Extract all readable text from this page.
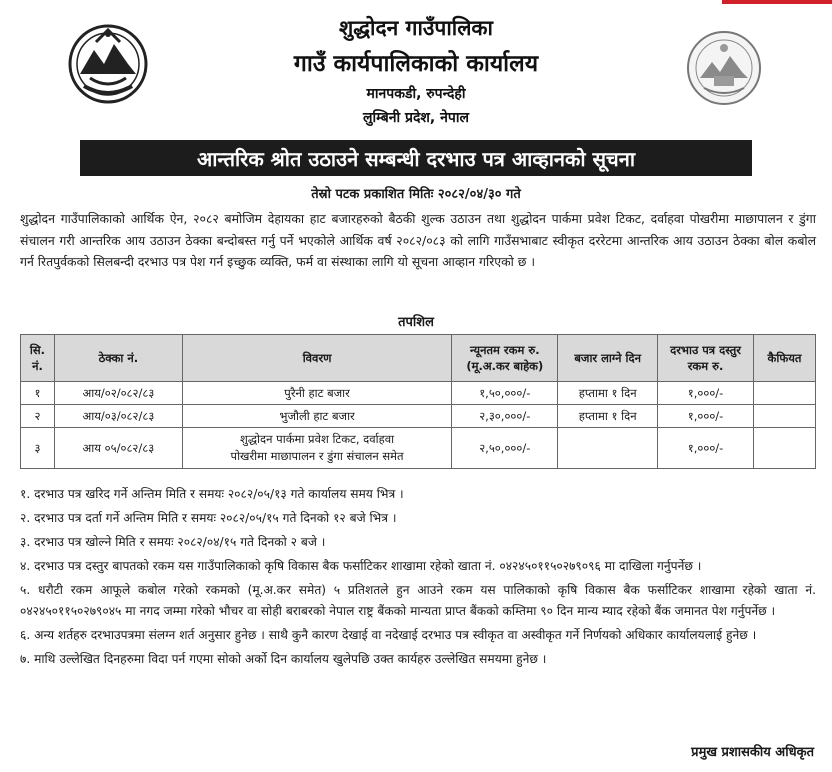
शुद्धोदन गाउँपालिका
गाउँ कार्यपालिकाको कार्यालय
मानपकडी, रुपन्देही
लुम्बिनी प्रदेश, नेपाल
आन्तरिक श्रोत उठाउने सम्बन्धी दरभाउ पत्र आव्हानको सूचना
तेस्रो पटक प्रकाशित मितिः २०८२/०४/३० गते
शुद्धोदन गाउँपालिकाको आर्थिक ऐन, २०८२ बमोजिम देहायका हाट बजारहरुको बैठकी शुल्क उठाउन तथा शुद्धोदन पार्कमा प्रवेश टिकट, दर्वाहवा पोखरीमा माछापालन र डुंगा संचालन गरी आन्तरिक आय उठाउन ठेक्का बन्दोबस्त गर्नु पर्ने भएकोले आर्थिक वर्ष २०८२/०८३ को लागि गाउँसभाबाट स्वीकृत दररेटमा आन्तरिक आय उठाउन ठेक्का बोल कबोल गर्न रितपुर्वकको सिलबन्दी दरभाउ पत्र पेश गर्न इच्छुक व्यक्ति, फर्म वा संस्थाका लागि यो सूचना आव्हान गरिएको छ ।
तपशिल
सि. नं.	ठेक्का नं.	विवरण	न्यूनतम रकम रु. (मू.अ.कर बाहेक)	बजार लाग्ने दिन	दरभाउ पत्र दस्तुर रकम रु.	कैफियत
१	आय/०२/०८२/८३	पुरैनी हाट बजार	१,५०,०००/-	हप्तामा १ दिन	१,०००/-	
२	आय/०३/०८२/८३	भुजौली हाट बजार	२,३०,०००/-	हप्तामा १ दिन	१,०००/-	
३	आय ०५/०८२/८३	शुद्धोदन पार्कमा प्रवेश टिकट, दर्वाहवा
पोखरीमा माछापालन र डुंगा संचालन समेत	२,५०,०००/-		१,०००/-	

१. दरभाउ पत्र खरिद गर्ने अन्तिम मिति र समयः २०८२/०५/१३ गते कार्यालय समय भित्र ।

२. दरभाउ पत्र दर्ता गर्ने अन्तिम मिति र समयः २०८२/०५/१५ गते दिनको १२ बजे भित्र ।

३. दरभाउ पत्र खोल्ने मिति र समयः २०८२/०४/१५ गते दिनको २ बजे ।

४. दरभाउ पत्र दस्तुर बापतको रकम यस गाउँपालिकाको कृषि विकास बैक फर्साटिकर शाखामा रहेको खाता नं. ०४२४५०११५०२७९०९६ मा दाखिला गर्नुपर्नेछ ।

५. धरौटी रकम आफूले कबोल गरेको रकमको (मू.अ.कर समेत) ५ प्रतिशतले हुन आउने रकम यस पालिकाको कृषि विकास बैक फर्साटिकर शाखामा रहेको खाता नं. ०४२४५०११५०२७९०४५ मा नगद जम्मा गरेको भौचर वा सोही बराबरको नेपाल राष्ट्र बैंकको मान्यता प्राप्त बैंकको कम्तिमा ९० दिन मान्य म्याद रहेको बैंक जमानत पेश गर्नुपर्नेछ ।

६. अन्य शर्तहरु दरभाउपत्रमा संलग्न शर्त अनुसार हुनेछ । साथै कुनै कारण देखाई वा नदेखाई दरभाउ पत्र स्वीकृत वा अस्वीकृत गर्ने निर्णयको अधिकार कार्यालयलाई हुनेछ ।

७. माथि उल्लेखित दिनहरुमा विदा पर्न गएमा सोको अर्को दिन कार्यालय खुलेपछि उक्त कार्यहरु उल्लेखित समयमा हुनेछ ।

प्रमुख प्रशासकीय अधिकृत
